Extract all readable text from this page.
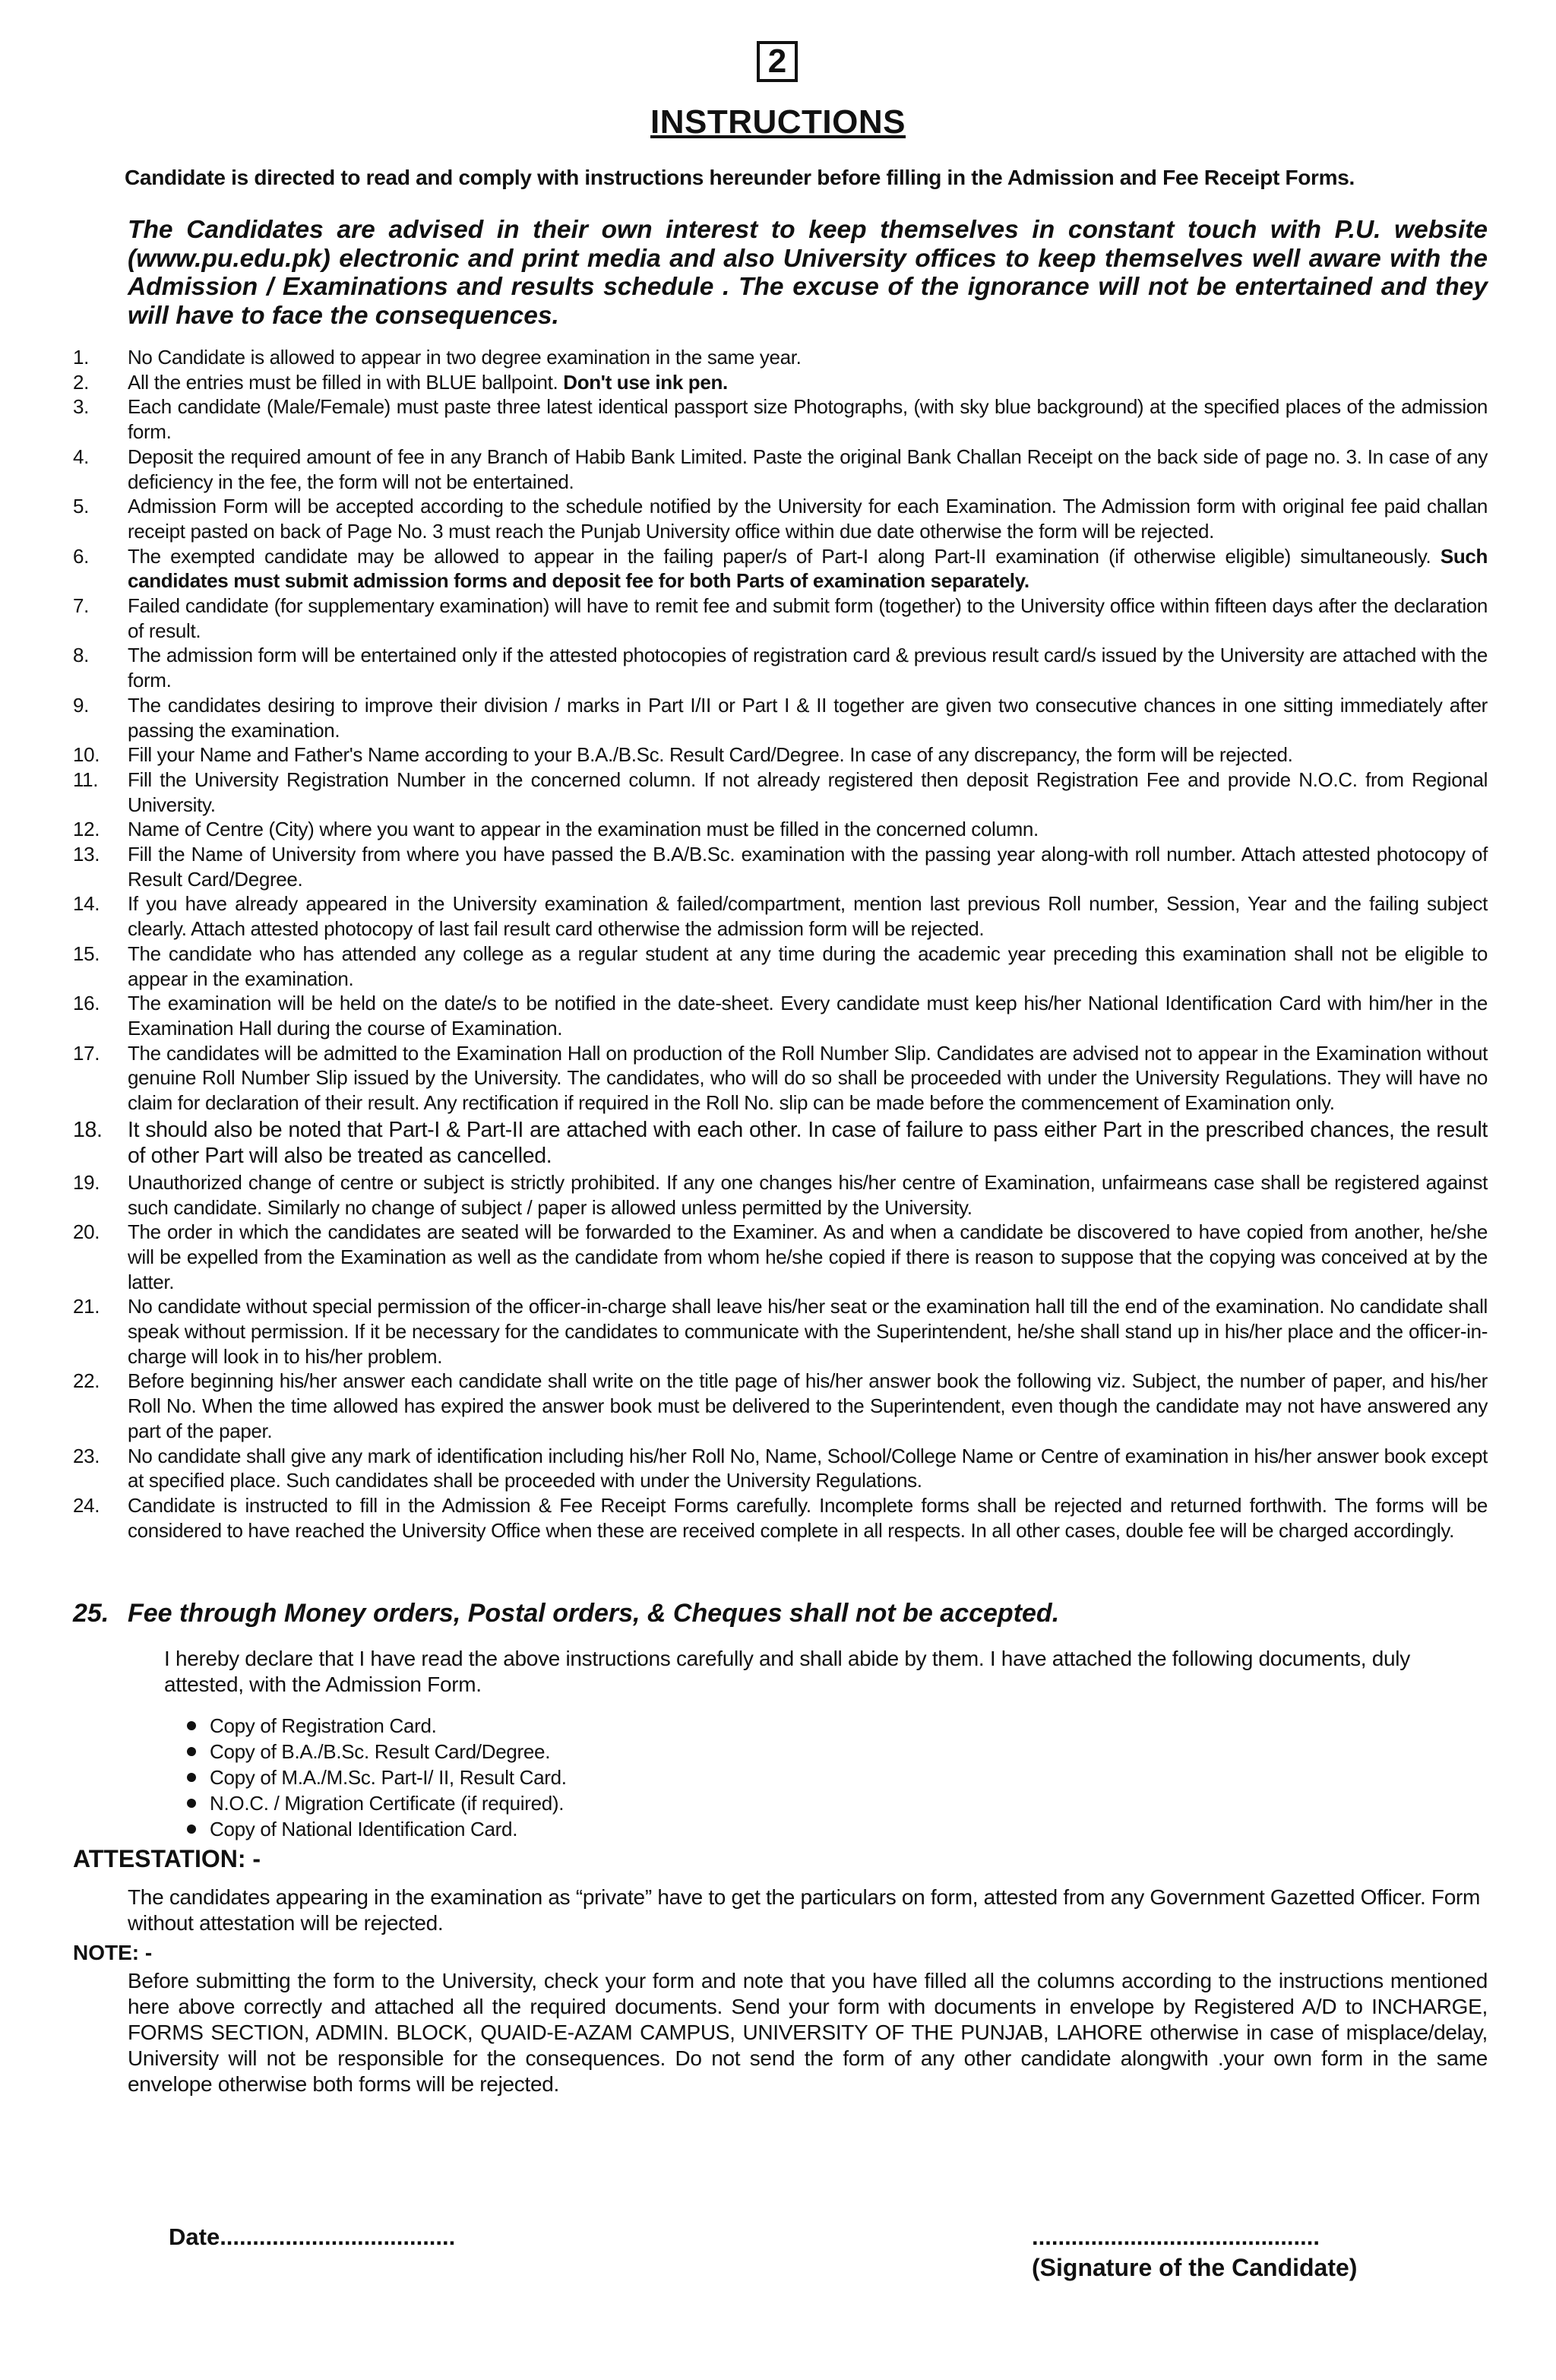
2
INSTRUCTIONS
Candidate is directed to read and comply with instructions hereunder before filling in the Admission and Fee Receipt Forms.
The Candidates are advised in their own interest to keep themselves in constant touch with P.U. website (www.pu.edu.pk) electronic and print media and also University offices to keep themselves well aware with the Admission / Examinations and results schedule . The excuse of the ignorance will not be entertained and they will have to face the consequences.
1. No Candidate is allowed to appear in two degree examination in the same year.
2. All the entries must be filled in with BLUE ballpoint. Don't use ink pen.
3. Each candidate (Male/Female) must paste three latest identical passport size Photographs, (with sky blue background) at the specified places of the admission form.
4. Deposit the required amount of fee in any Branch of Habib Bank Limited. Paste the original Bank Challan Receipt on the back side of page no. 3. In case of any deficiency in the fee, the form will not be entertained.
5. Admission Form will be accepted according to the schedule notified by the University for each Examination. The Admission form with original fee paid challan receipt pasted on back of Page No. 3 must reach the Punjab University office within due date otherwise the form will be rejected.
6. The exempted candidate may be allowed to appear in the failing paper/s of Part-I along Part-II examination (if otherwise eligible) simultaneously. Such candidates must submit admission forms and deposit fee for both Parts of examination separately.
7. Failed candidate (for supplementary examination) will have to remit fee and submit form (together) to the University office within fifteen days after the declaration of result.
8. The admission form will be entertained only if the attested photocopies of registration card & previous result card/s issued by the University are attached with the form.
9. The candidates desiring to improve their division / marks in Part I/II or Part I & II together are given two consecutive chances in one sitting immediately after passing the examination.
10. Fill your Name and Father's Name according to your B.A./B.Sc. Result Card/Degree. In case of any discrepancy, the form will be rejected.
11. Fill the University Registration Number in the concerned column. If not already registered then deposit Registration Fee and provide N.O.C. from Regional University.
12. Name of Centre (City) where you want to appear in the examination must be filled in the concerned column.
13. Fill the Name of University from where you have passed the B.A/B.Sc. examination with the passing year along-with roll number. Attach attested photocopy of Result Card/Degree.
14. If you have already appeared in the University examination & failed/compartment, mention last previous Roll number, Session, Year and the failing subject clearly. Attach attested photocopy of last fail result card otherwise the admission form will be rejected.
15. The candidate who has attended any college as a regular student at any time during the academic year preceding this examination shall not be eligible to appear in the examination.
16. The examination will be held on the date/s to be notified in the date-sheet. Every candidate must keep his/her National Identification Card with him/her in the Examination Hall during the course of Examination.
17. The candidates will be admitted to the Examination Hall on production of the Roll Number Slip. Candidates are advised not to appear in the Examination without genuine Roll Number Slip issued by the University. The candidates, who will do so shall be proceeded with under the University Regulations. They will have no claim for declaration of their result. Any rectification if required in the Roll No. slip can be made before the commencement of Examination only.
18. It should also be noted that Part-I & Part-II are attached with each other. In case of failure to pass either Part in the prescribed chances, the result of other Part will also be treated as cancelled.
19. Unauthorized change of centre or subject is strictly prohibited. If any one changes his/her centre of Examination, unfairmeans case shall be registered against such candidate. Similarly no change of subject / paper is allowed unless permitted by the University.
20. The order in which the candidates are seated will be forwarded to the Examiner. As and when a candidate be discovered to have copied from another, he/she will be expelled from the Examination as well as the candidate from whom he/she copied if there is reason to suppose that the copying was conceived at by the latter.
21. No candidate without special permission of the officer-in-charge shall leave his/her seat or the examination hall till the end of the examination. No candidate shall speak without permission. If it be necessary for the candidates to communicate with the Superintendent, he/she shall stand up in his/her place and the officer-in-charge will look in to his/her problem.
22. Before beginning his/her answer each candidate shall write on the title page of his/her answer book the following viz. Subject, the number of paper, and his/her Roll No. When the time allowed has expired the answer book must be delivered to the Superintendent, even though the candidate may not have answered any part of the paper.
23. No candidate shall give any mark of identification including his/her Roll No, Name, School/College Name or Centre of examination in his/her answer book except at specified place. Such candidates shall be proceeded with under the University Regulations.
24. Candidate is instructed to fill in the Admission & Fee Receipt Forms carefully. Incomplete forms shall be rejected and returned forthwith. The forms will be considered to have reached the University Office when these are received complete in all respects. In all other cases, double fee will be charged accordingly.
25. Fee through Money orders, Postal orders, & Cheques shall not be accepted.
I hereby declare that I have read the above instructions carefully and shall abide by them. I have attached the following documents, duly attested, with the Admission Form.
Copy of Registration Card.
Copy of B.A./B.Sc. Result Card/Degree.
Copy of M.A./M.Sc. Part-I/ II, Result Card.
N.O.C. / Migration Certificate (if required).
Copy of National Identification Card.
ATTESTATION: -
The candidates appearing in the examination as “private” have to get the particulars on form, attested from any Government Gazetted Officer. Form without attestation will be rejected.
NOTE: -
Before submitting the form to the University, check your form and note that you have filled all the columns according to the instructions mentioned here above correctly and attached all the required documents. Send your form with documents in envelope by Registered A/D to INCHARGE, FORMS SECTION, ADMIN. BLOCK, QUAID-E-AZAM CAMPUS, UNIVERSITY OF THE PUNJAB, LAHORE otherwise in case of misplace/delay, University will not be responsible for the consequences. Do not send the form of any other candidate alongwith .your own form in the same envelope otherwise both forms will be rejected.
Date....................................	............................................
(Signature of the Candidate)
